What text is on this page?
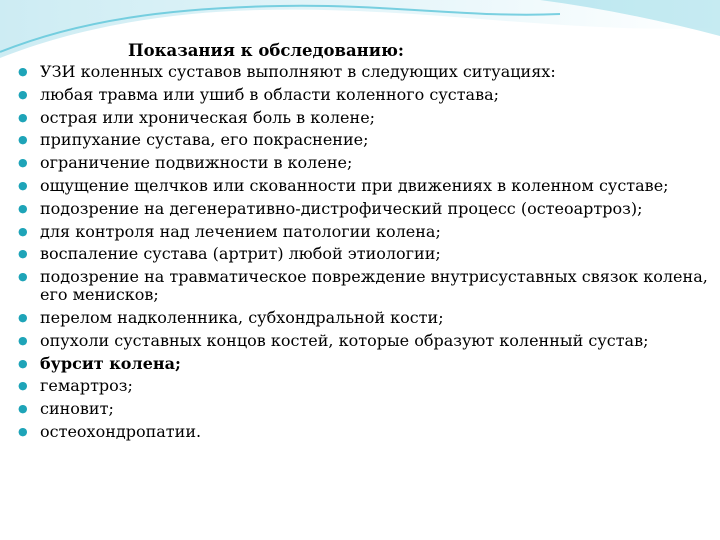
Показания к обследованию:
● УЗИ коленных суставов выполняют в следующих ситуациях:
● любая травма или ушиб в области коленного сустава;
● острая или хроническая боль в колене;
● припухание сустава, его покраснение;
● ограничение подвижности в колене;
● ощущение щелчков или скованности при движениях в коленном суставе;
● подозрение на дегенеративно-дистрофический процесс (остеоартроз);
● для контроля над лечением патологии колена;
● воспаление сустава (артрит) любой этиологии;
● подозрение на травматическое повреждение внутрисуставных связок колена, его менисков;
● перелом надколенника, субхондральной кости;
● опухоли суставных концов костей, которые образуют коленный сустав;
● бурсит колена;
● гемартроз;
● синовит;
● остеохондропатии.
